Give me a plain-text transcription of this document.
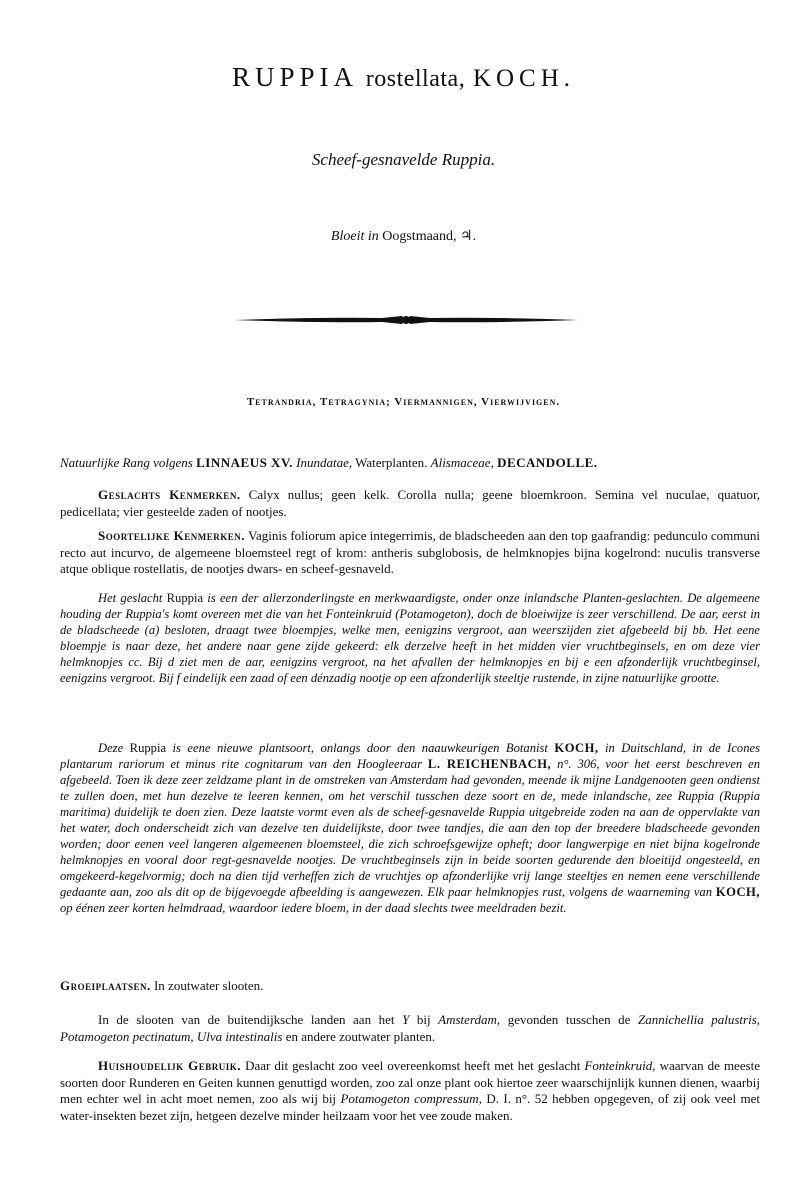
RUPPIA rostellata, KOCH.
Scheef-gesnavelde Ruppia.
Bloeit in Oogstmaand, ♃.
Tetrandria, Tetragynia; Viermannigen, Vierwijvigen.
Natuurlijke Rang volgens LINNAEUS XV. Inundatae, Waterplanten. Alismaceae, DECANDOLLE.
Geslachts Kenmerken. Calyx nullus; geen kelk. Corolla nulla; geene bloemkroon. Semina vel nuculae, quatuor, pedicellata; vier gesteelde zaden of nootjes.
Soortelijke Kenmerken. Vaginis foliorum apice integerrimis, de bladscheeden aan den top gaafrandig: pedunculo communi recto aut incurvo, de algemeene bloemsteel regt of krom: antheris subglobosis, de helmknopjes bijna kogelrond: nuculis transverse atque oblique rostellatis, de nootjes dwars- en scheef-gesnaveld.
Het geslacht Ruppia is een der allerzonderlingste en merkwaardigste, onder onze inlandsche Planten-geslachten. De algemeene houding der Ruppia's komt overeen met die van het Fonteinkruid (Potamogeton), doch de bloeiwijze is zeer verschillend. De aar, eerst in de bladscheede (a) besloten, draagt twee bloempjes, welke men, eenigzins vergroot, aan weerszijden ziet afgebeeld bij bb. Het eene bloempje is naar deze, het andere naar gene zijde gekeerd: elk derzelve heeft in het midden vier vruchtbeginsels, en om deze vier helmknopjes cc. Bij d ziet men de aar, eenigzins vergroot, na het afvallen der helmknopjes en bij e een afzonderlijk vruchtbeginsel, eenigzins vergroot. Bij f eindelijk een zaad of een dénzadig nootje op een afzonderlijk steeltje rustende, in zijne natuurlijke grootte.
Deze Ruppia is eene nieuwe plantsoort, onlangs door den naauwkeurigen Botanist KOCH, in Duitschland, in de Icones plantarum rariorum et minus rite cognitarum van den Hoogleeraar L. REICHENBACH, n°. 306, voor het eerst beschreven en afgebeeld. Toen ik deze zeer zeldzame plant in de omstreken van Amsterdam had gevonden, meende ik mijne Landgenooten geen ondienst te zullen doen, met hun dezelve te leeren kennen, om het verschil tusschen deze soort en de, mede inlandsche, zee Ruppia (Ruppia maritima) duidelijk te doen zien. Deze laatste vormt even als de scheef-gesnavelde Ruppia uitgebreide zoden na aan de oppervlakte van het water, doch onderscheidt zich van dezelve ten duidelijkste, door twee tandjes, die aan den top der breedere bladscheede gevonden worden; door eenen veel langeren algemeenen bloemsteel, die zich schroefsgewijze opheft; door langwerpige en niet bijna kogelronde helmknopjes en vooral door regt-gesnavelde nootjes. De vruchtbeginsels zijn in beide soorten gedurende den bloeitijd ongesteeld, en omgekeerd-kegelvormig; doch na dien tijd verheffen zich de vruchtjes op afzonderlijke vrij lange steeltjes en nemen eene verschillende gedaante aan, zoo als dit op de bijgevoegde afbeelding is aangewezen. Elk paar helmknopjes rust, volgens de waarneming van KOCH, op éénen zeer korten helmdraad, waardoor iedere bloem, in der daad slechts twee meeldraden bezit.
Groeiplaatsen. In zoutwater slooten.
In de slooten van de buitendijksche landen aan het Y bij Amsterdam, gevonden tusschen de Zannichellia palustris, Potamogeton pectinatum, Ulva intestinalis en andere zoutwater planten.
Huishoudelijk Gebruik. Daar dit geslacht zoo veel overeenkomst heeft met het geslacht Fonteinkruid, waarvan de meeste soorten door Runderen en Geiten kunnen genuttigd worden, zoo zal onze plant ook hiertoe zeer waarschijnlijk kunnen dienen, waarbij men echter wel in acht moet nemen, zoo als wij bij Potamogeton compressum, D. I. n°. 52 hebben opgegeven, of zij ook veel met water-insekten bezet zijn, hetgeen dezelve minder heilzaam voor het vee zoude maken.
